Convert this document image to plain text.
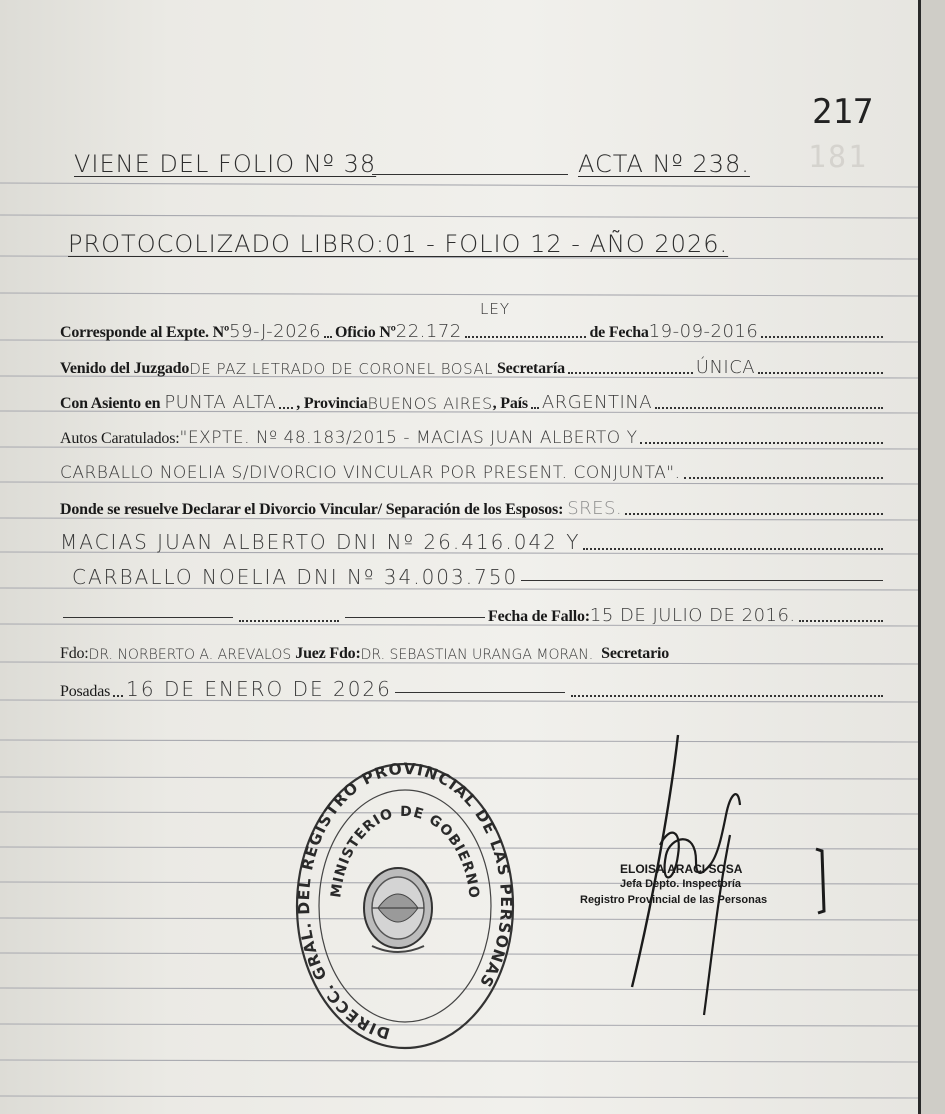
217
181
VIENE DEL FOLIO Nº 38	ACTA Nº 238.
PROTOCOLIZADO LIBRO:01 - FOLIO 12 - AÑO 2026.
LEY
Corresponde al Expte. Nº 59-J-2026 Oficio Nº 22.172	de Fecha 19-09-2016
Venido del Juzgado DE PAZ LETRADO DE CORONEL BOSAL Secretaría	ÚNICA
Con Asiento en PUNTA ALTA , Provincia BUENOS AIRES , País ARGENTINA
Autos Caratulados: "EXPTE. Nº 48.183/2015 - MACIAS JUAN ALBERTO Y
CARBALLO NOELIA S/DIVORCIO VINCULAR POR PRESENT. CONJUNTA".
Donde se resuelve Declarar el Divorcio Vincular/ Separación de los Esposos: SRES.
MACIAS JUAN ALBERTO DNI Nº 26.416.042 Y
CARBALLO NOELIA DNI Nº 34.003.750
Fecha de Fallo: 15 DE JULIO DE 2016.
Fdo: DR. NORBERTO A. AREVALOS Juez Fdo: DR. SEBASTIAN URANGA MORAN. Secretario
Posadas 16 DE ENERO DE 2026
DIRECC. GRAL. DEL REGISTRO PROVINCIAL DE LAS PERSONAS
MINISTERIO DE GOBIERNO
ELOISA ARACI SOSA
Jefa Depto. Inspectoría
Registro Provincial de las Personas
